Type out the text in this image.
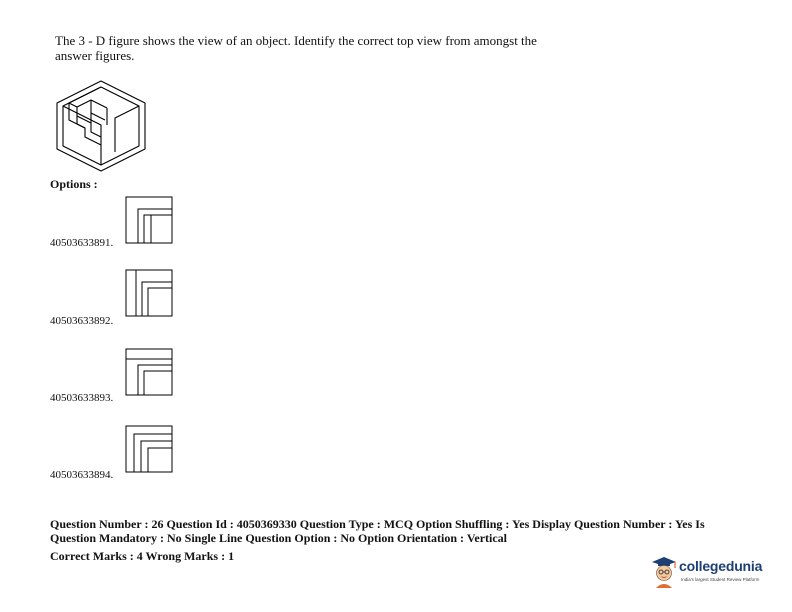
The 3 - D figure shows the view of an object. Identify the correct top view from amongst the
answer figures.
Options :
40503633891.
40503633892.
40503633893.
40503633894.
Question Number : 26 Question Id : 4050369330 Question Type : MCQ Option Shuffling : Yes Display Question Number : Yes Is
Question Mandatory : No Single Line Question Option : No Option Orientation : Vertical
Correct Marks : 4 Wrong Marks : 1
collegedunia
India's largest Student Review Platform
